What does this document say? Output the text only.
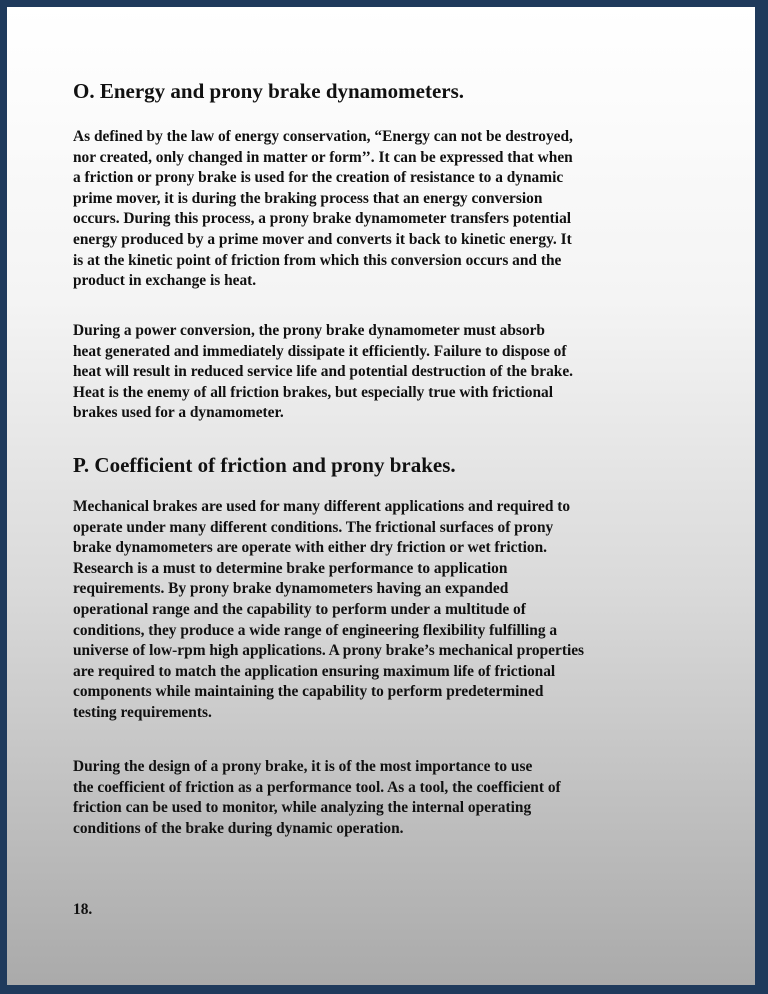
O. Energy and prony brake dynamometers.

As defined by the law of energy conservation, “Energy can not be destroyed,
nor created, only changed in matter or form’’. It can be expressed that when
a friction or prony brake is used for the creation of resistance to a dynamic
prime mover, it is during the braking process that an energy conversion
occurs. During this process, a prony brake dynamometer transfers potential
energy produced by a prime mover and converts it back to kinetic energy. It
is at the kinetic point of friction from which this conversion occurs and the
product in exchange is heat.

During a power conversion, the prony brake dynamometer must absorb
heat generated and immediately dissipate it efficiently. Failure to dispose of
heat will result in reduced service life and potential destruction of the brake.
Heat is the enemy of all friction brakes, but especially true with frictional
brakes used for a dynamometer.

P. Coefficient of friction and prony brakes.

Mechanical brakes are used for many different applications and required to
operate under many different conditions. The frictional surfaces of prony
brake dynamometers are operate with either dry friction or wet friction.
Research is a must to determine brake performance to application
requirements. By prony brake dynamometers having an expanded
operational range and the capability to perform under a multitude of
conditions, they produce a wide range of engineering flexibility fulfilling a
universe of low-rpm high applications. A prony brake’s mechanical properties
are required to match the application ensuring maximum life of frictional
components while maintaining the capability to perform predetermined
testing requirements.

During the design of a prony brake, it is of the most importance to use
the coefficient of friction as a performance tool. As a tool, the coefficient of
friction can be used to monitor, while analyzing the internal operating
conditions of the brake during dynamic operation.

18.
